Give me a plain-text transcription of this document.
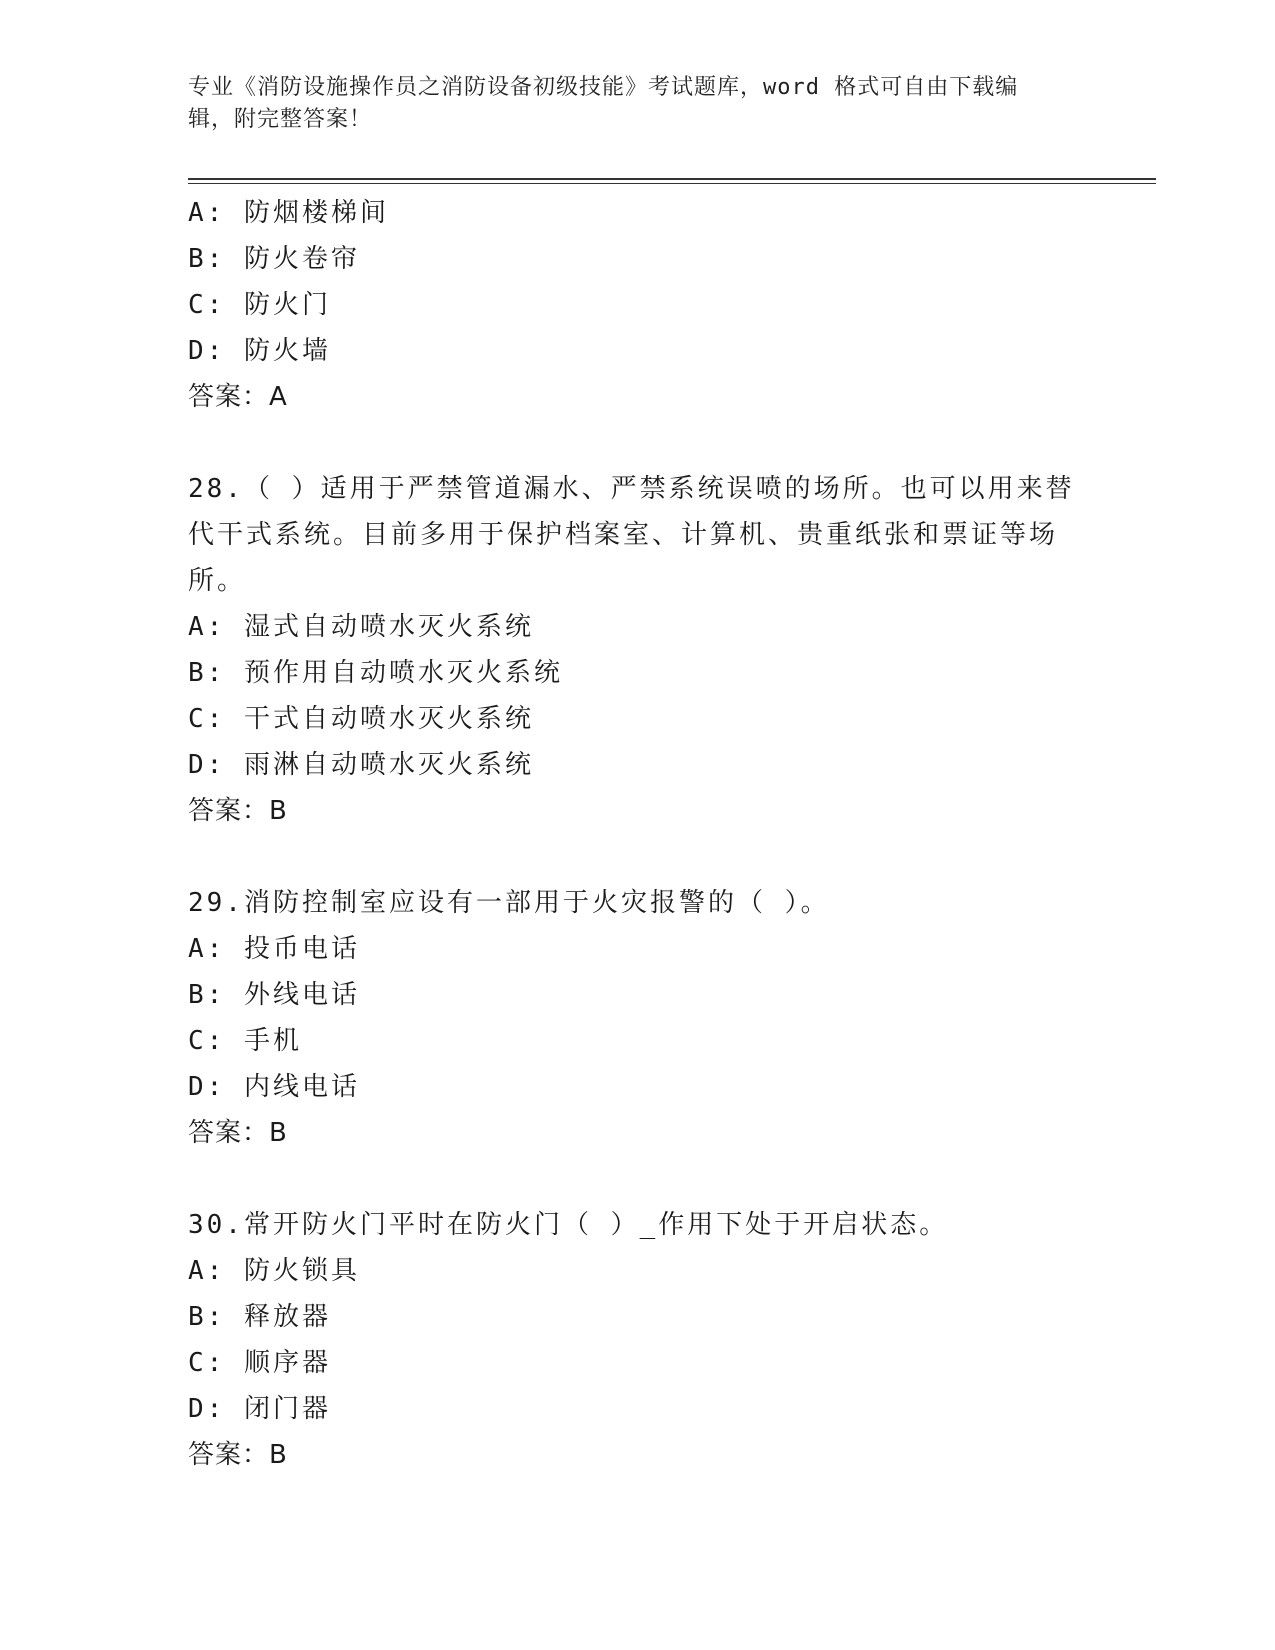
专业《消防设施操作员之消防设备初级技能》考试题库，word 格式可自由下载编
辑，附完整答案！
A: 防烟楼梯间
B: 防火卷帘
C: 防火门
D: 防火墙
答案：A
28.（ ）适用于严禁管道漏水、严禁系统误喷的场所。也可以用来替
代干式系统。目前多用于保护档案室、计算机、贵重纸张和票证等场
所。
A: 湿式自动喷水灭火系统
B: 预作用自动喷水灭火系统
C: 干式自动喷水灭火系统
D: 雨淋自动喷水灭火系统
答案：B
29.消防控制室应设有一部用于火灾报警的（ ）。
A: 投币电话
B: 外线电话
C: 手机
D: 内线电话
答案：B
30.常开防火门平时在防火门（ ）_作用下处于开启状态。
A: 防火锁具
B: 释放器
C: 顺序器
D: 闭门器
答案：B
